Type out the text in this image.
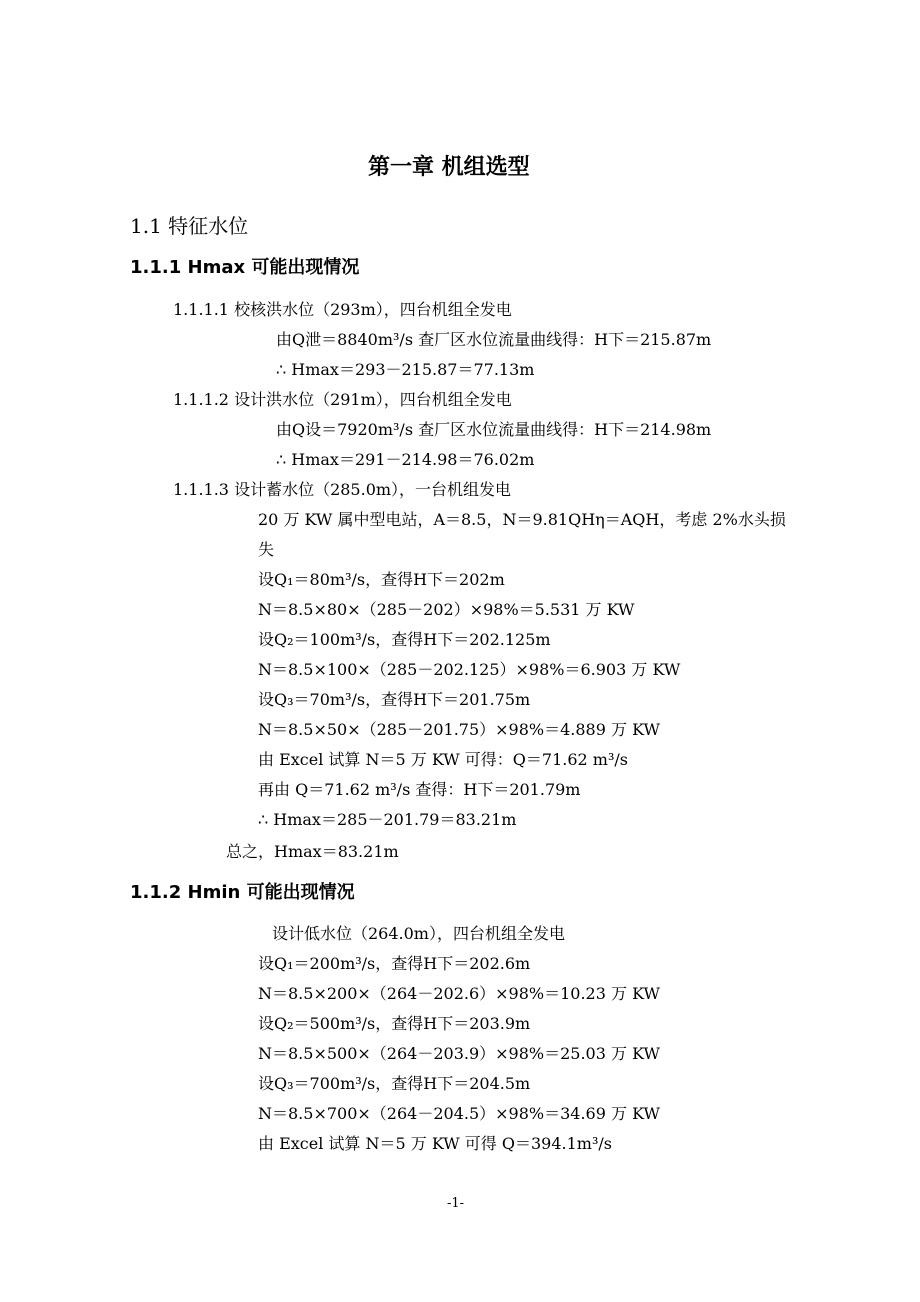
第一章 机组选型
1.1 特征水位
1.1.1 Hmax 可能出现情况
1.1.1.1 校核洪水位（293m），四台机组全发电
由Q泄＝8840m³/s 查厂区水位流量曲线得：H下＝215.87m
∴ Hmax＝293－215.87＝77.13m
1.1.1.2 设计洪水位（291m），四台机组全发电
由Q设＝7920m³/s 查厂区水位流量曲线得：H下＝214.98m
∴ Hmax＝291－214.98＝76.02m
1.1.1.3 设计蓄水位（285.0m），一台机组发电
20 万 KW 属中型电站，A＝8.5，N＝9.81QHη＝AQH，考虑 2%水头损
失
设Q₁＝80m³/s，查得H下＝202m
N＝8.5×80×（285－202）×98%＝5.531 万 KW
设Q₂＝100m³/s，查得H下＝202.125m
N＝8.5×100×（285－202.125）×98%＝6.903 万 KW
设Q₃＝70m³/s，查得H下＝201.75m
N＝8.5×50×（285－201.75）×98%＝4.889 万 KW
由 Excel 试算 N＝5 万 KW 可得：Q＝71.62 m³/s
再由 Q＝71.62 m³/s 查得：H下＝201.79m
∴ Hmax＝285－201.79＝83.21m
总之，Hmax＝83.21m
1.1.2 Hmin 可能出现情况
设计低水位（264.0m），四台机组全发电
设Q₁＝200m³/s，查得H下＝202.6m
N＝8.5×200×（264－202.6）×98%＝10.23 万 KW
设Q₂＝500m³/s，查得H下＝203.9m
N＝8.5×500×（264－203.9）×98%＝25.03 万 KW
设Q₃＝700m³/s，查得H下＝204.5m
N＝8.5×700×（264－204.5）×98%＝34.69 万 KW
由 Excel 试算 N＝5 万 KW 可得 Q＝394.1m³/s
-1-
